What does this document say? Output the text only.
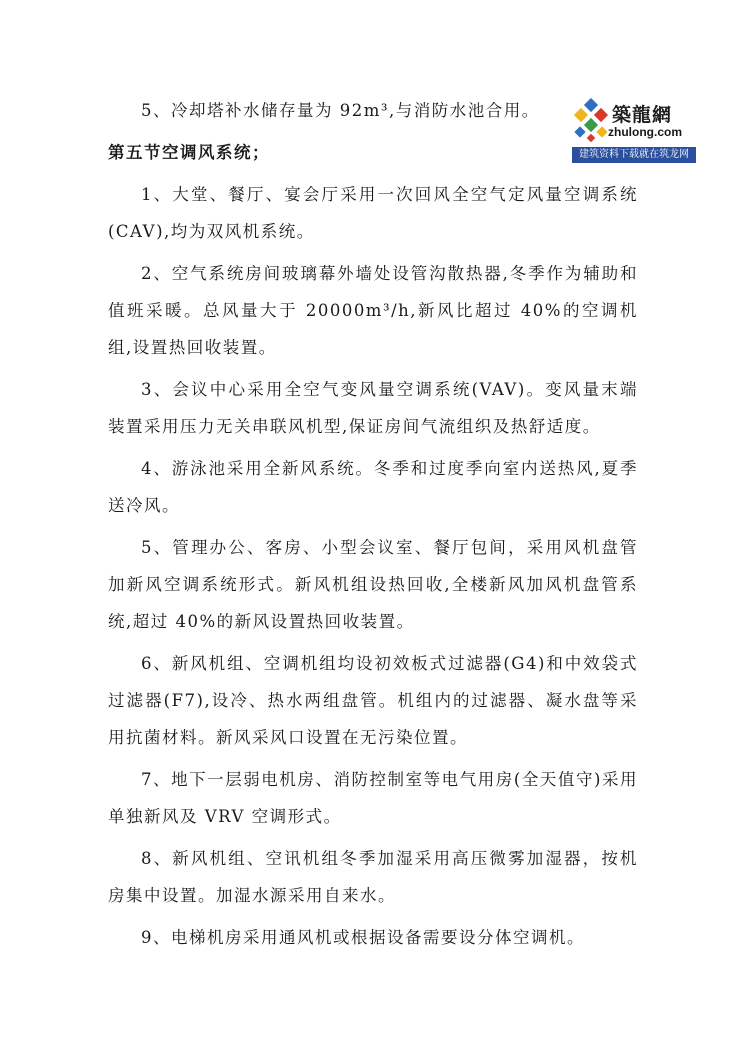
築龍網
zhulong.com
建筑资料下载就在筑龙网

5、冷却塔补水储存量为 92m³,与消防水池合用。

第五节空调风系统；

1、大堂、餐厅、宴会厅采用一次回风全空气定风量空调系统(CAV),均为双风机系统。

2、空气系统房间玻璃幕外墙处设管沟散热器,冬季作为辅助和值班采暖。总风量大于 20000m³/h,新风比超过 40%的空调机组,设置热回收装置。

3、会议中心采用全空气变风量空调系统(VAV)。变风量末端装置采用压力无关串联风机型,保证房间气流组织及热舒适度。

4、游泳池采用全新风系统。冬季和过度季向室内送热风,夏季送冷风。

5、管理办公、客房、小型会议室、餐厅包间，采用风机盘管加新风空调系统形式。新风机组设热回收,全楼新风加风机盘管系统,超过 40%的新风设置热回收装置。

6、新风机组、空调机组均设初效板式过滤器(G4)和中效袋式过滤器(F7),设冷、热水两组盘管。机组内的过滤器、凝水盘等采用抗菌材料。新风采风口设置在无污染位置。

7、地下一层弱电机房、消防控制室等电气用房(全天值守)采用单独新风及 VRV 空调形式。

8、新风机组、空讯机组冬季加湿采用高压微雾加湿器，按机房集中设置。加湿水源采用自来水。

9、电梯机房采用通风机或根据设备需要设分体空调机。
